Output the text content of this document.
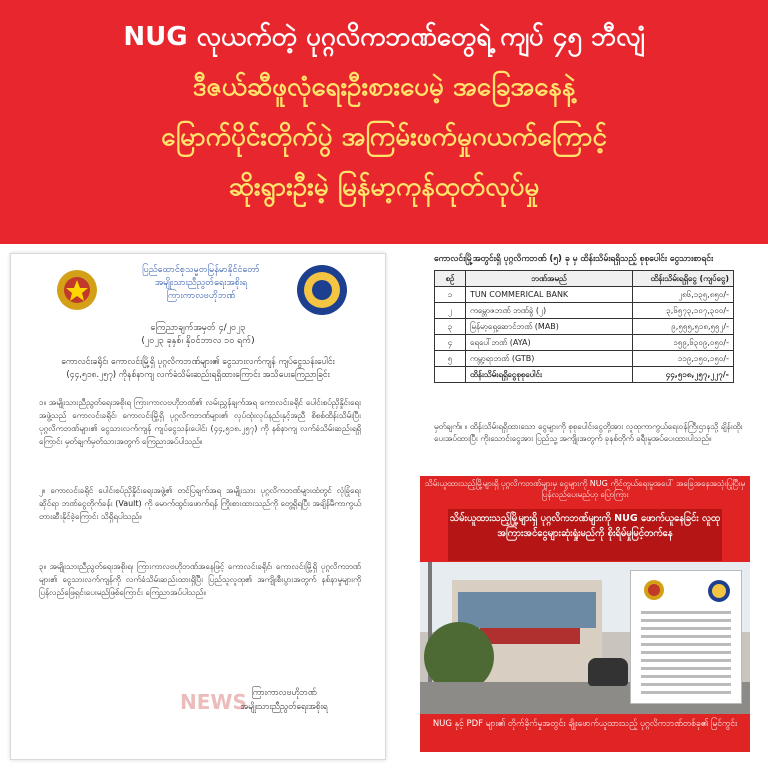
NUG လုယက်တဲ့ ပုဂ္ဂလိကဘဏ်တွေရဲ့ ကျပ် ၄၅ ဘီလျံ
ဒီဇယ်ဆီဖူလုံရေးဦးစားပေမဲ့ အခြေအနေနဲ့
မြောက်ပိုင်းတိုက်ပွဲ အကြမ်းဖက်မှုဂယက်ကြောင့်
ဆိုးရွားဦးမဲ့ မြန်မာ့ကုန်ထုတ်လုပ်မှု
ပြည်ထောင်စုသမ္မတမြန်မာနိုင်ငံတော်
အမျိုးသားညီညွတ်ရေးအစိုးရ
ကြားကာလဗဟိုဘဏ်
ကြေညာချက်အမှတ် ၄/၂၀၂၃
(၂၀၂၃ ခုနှစ်၊ နိုဝင်ဘာလ ၁၀ ရက်)
ကောလင်းခရိုင်၊ ကောလင်းမြို့ရှိ ပုဂ္ဂလိကဘဏ်များ၏ ငွေသားလက်ကျန် ကျပ်ငွေသန်းပေါင်း (၄၄,၅၁၈.၂၅၇) ကိုနစ်နာကျ လက်ခံသိမ်းဆည်းရရှိထားကြောင်း အသိပေးကြေညာခြင်း
၁။ အမျိုးသားညီညွတ်ရေးအစိုးရ ကြားကာလဗဟိုဘဏ်၏ လမ်းညွှန်ချက်အရ ကောလင်းခရိုင် ပေါင်းစပ်ညှိနှိုင်းရေးအဖွဲ့သည် ကောလင်းခရိုင်၊ ကောလင်းမြို့ရှိ ပုဂ္ဂလိကဘဏ်များ၏ လုပ်ထုံးလုပ်နည်းနှင့်အညီ စိစစ်ထိန်းသိမ်းပြီး ပုဂ္ဂလိကဘဏ်များ၏ ငွေသားလက်ကျန် ကျပ်ငွေသန်းပေါင်း (၄၄,၅၁၈.၂၅၇) ကို နစ်နာကျ လက်ခံသိမ်းဆည်းရရှိကြောင်း မှတ်ချက်မှတ်သားအတွက် ကြေညာအပ်ပါသည်။
၂။ ကောလင်းခရိုင် ပေါင်းစပ်ညှိနှိုင်းရေးအဖွဲ့၏ တင်ပြချက်အရ အမျိုးသား ပုဂ္ဂလိကဘဏ်များထံတွင် လုံခြုံရေးဆိုင်ရာ ဘဏ်ငွေတိုက်ခန်း (Vault) ကို မောက်ထွင်းဖောက်ရန် ကြိုးစားထားသည်ကို တွေ့ရှိရပြီး အချိန်မီကာကွယ်တားဆီးနိုင်ခဲ့ကြောင်း သိရှိရပါသည်။
၃။ အမျိုးသားညီညွတ်ရေးအစိုးရ၊ ကြားကာလဗဟိုဘဏ်အနေဖြင့် ကောလင်းခရိုင်၊ ကောလင်းမြို့ရှိ ပုဂ္ဂလိကဘဏ်များ၏ ငွေသားလက်ကျန်ကို လက်ခံသိမ်းဆည်းထားရှိပြီး ပြည်သူလူထု၏ အကျိုးစီးပွားအတွက် နစ်နာမှုများကို ပြန်လည်ဖြေရှင်းပေးမည်ဖြစ်ကြောင်း ကြေညာအပ်ပါသည်။
ကြားကာလဗဟိုဘဏ်
အမျိုးသားညီညွတ်ရေးအစိုးရ
ကောလင်းမြို့အတွင်းရှိ ပုဂ္ဂလိကဘဏ် (၅) ခု မှ ထိန်းသိမ်းရရှိသည့် စုစုပေါင်း ငွေသားစာရင်း
စဉ်	ဘဏ်အမည်	ထိန်းသိမ်းရရှိငွေ (ကျပ်ငွေ)
၁	TUN COMMERICAL BANK	၂၈၆,၁၃၅,၈၅၀/-
၂	ကမ္ဘောဇဘဏ် ဘဏ်ခွဲ (၂)	၃,၆၅၇၃,၁၀၇,၃၀၀/-
၃	မြန်မာ့ရှေ့ဆောင်ဘဏ် (MAB)	၉,၅၅၅,၅၁၈,၅၅၂/-
၄	ရေပေါ်ဘဏ် (AYA)	၁၅၉,၆၃၀၉,၀၅၀/-
၅	ကမ္ဘာ့ရာဘဏ် (GTB)	၁၁၉,၁၅၀,၁၅၀/-
	ထိန်းသိမ်းရရှိငွေစုစုပေါင်း	၄၄,၅၁၈,၂၅၇,၂၂၇/-
မှတ်ချက်။ ။ ထိန်းသိမ်းရရှိထားသော ငွေများကို စုစုပေါင်းငွေတို့အား လူထုကာကွယ်ရေးဝန်ကြီးဌာနသို့ ချိန်းထိုးပေးအပ်ထားပြီး ကိုးသောင်းငွေအား ပြည်သူ့ အကျိုးအတွက် ခုနစ်တိုက် ခရီးမှုအပ်ပေးထားပါသည်။
သိမ်းယူထားသည့်မြို့များရှိ ပုဂ္ဂလိကဘဏ်များမှ ငွေများကို NUG ကိုင်တွယ်ရေးမှုအပေါ် အခြေအနေအသုံးပြုပြီးမှ ပြန်လည်ပေးမည်ဟု ပြောကြား
သိမ်းယူထားသည့်မြို့များရှိ ပုဂ္ဂလိကဘဏ်များကို NUG ဖောက်ယူနေခြင်း လူထုအကြားအင်ငွေများဆုံးရှုံးမည်ကို စိုးရိမ်မှုမြင့်တက်နေ
NUG နှင့် PDF များ၏ တိုက်ခိုက်မှုအတွင်း ချိုးဖောက်ယူထားသည့် ပုဂ္ဂလိကဘဏ်တစ်ခု၏ မြင်ကွင်း
NEWS
